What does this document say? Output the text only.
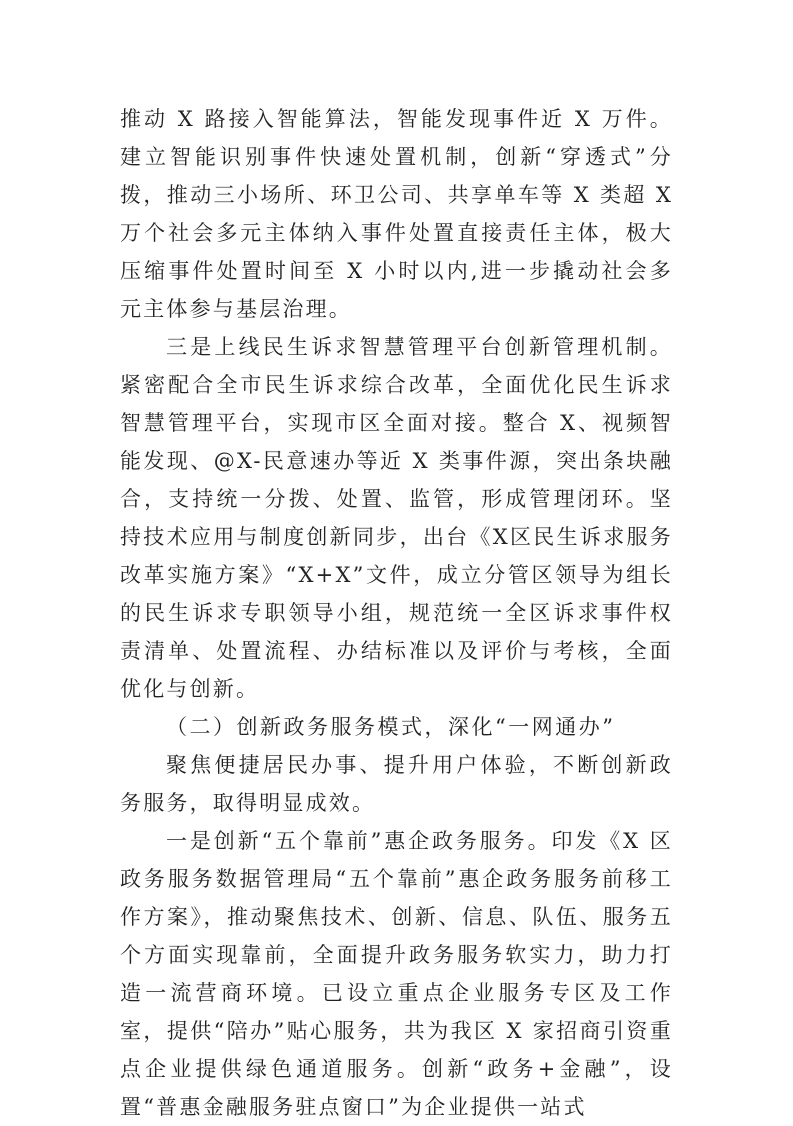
推动 X 路接入智能算法，智能发现事件近 X 万件。建立智能识别事件快速处置机制，创新“穿透式”分拨，推动三小场所、环卫公司、共享单车等 X 类超 X 万个社会多元主体纳入事件处置直接责任主体，极大压缩事件处置时间至 X 小时以内,进一步撬动社会多元主体参与基层治理。

三是上线民生诉求智慧管理平台创新管理机制。紧密配合全市民生诉求综合改革，全面优化民生诉求智慧管理平台，实现市区全面对接。整合 X、视频智能发现、@X-民意速办等近 X 类事件源，突出条块融合，支持统一分拨、处置、监管，形成管理闭环。坚持技术应用与制度创新同步，出台《X区民生诉求服务改革实施方案》“X+X”文件，成立分管区领导为组长的民生诉求专职领导小组，规范统一全区诉求事件权责清单、处置流程、办结标准以及评价与考核，全面优化与创新。

（二）创新政务服务模式，深化“一网通办”

聚焦便捷居民办事、提升用户体验，不断创新政务服务，取得明显成效。

一是创新“五个靠前”惠企政务服务。印发《X 区政务服务数据管理局“五个靠前”惠企政务服务前移工作方案》，推动聚焦技术、创新、信息、队伍、服务五个方面实现靠前，全面提升政务服务软实力，助力打造一流营商环境。已设立重点企业服务专区及工作室，提供“陪办”贴心服务，共为我区 X 家招商引资重点企业提供绿色通道服务。创新“政务+金融”，设置“普惠金融服务驻点窗口”为企业提供一站式
